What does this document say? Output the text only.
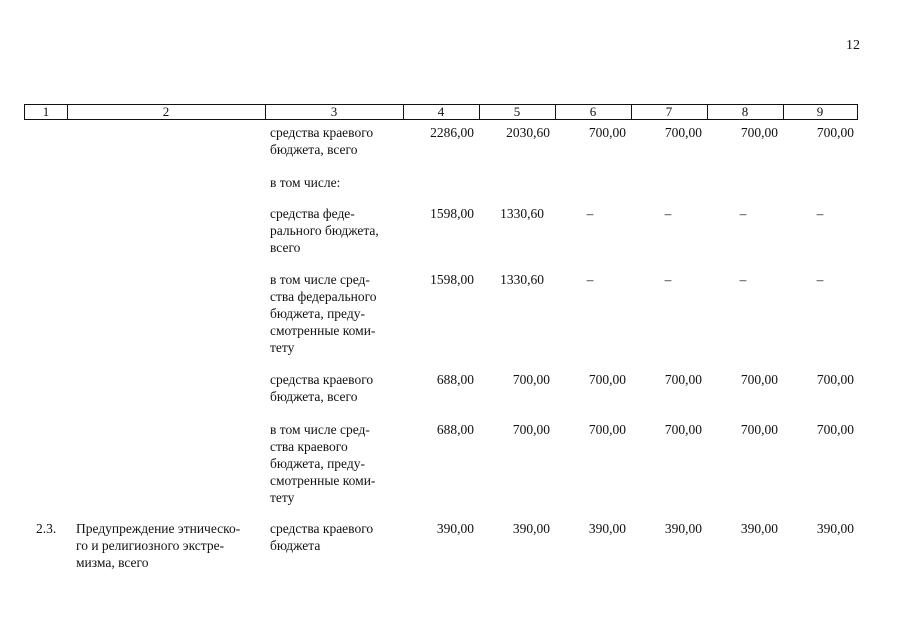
12
1	2	3	4	5	6	7	8	9
средства краевого
бюджета, всего
2286,00 2030,60	700,00	700,00	700,00	700,00
в том числе:
средства феде-
рального бюджета,
всего
1598,00 1330,60	–	–	–	–
в том числе сред-
ства федерального
бюджета, преду-
смотренные коми-
тету
1598,00 1330,60	–	–	–	–
средства краевого
бюджета, всего
688,00	700,00	700,00	700,00	700,00	700,00
в том числе сред-
ства краевого
бюджета, преду-
смотренные коми-
тету
688,00	700,00	700,00	700,00	700,00	700,00
2.3. Предупреждение этническо-
го и религиозного экстре-
мизма, всего
средства краевого
бюджета
390,00	390,00	390,00	390,00	390,00	390,00
